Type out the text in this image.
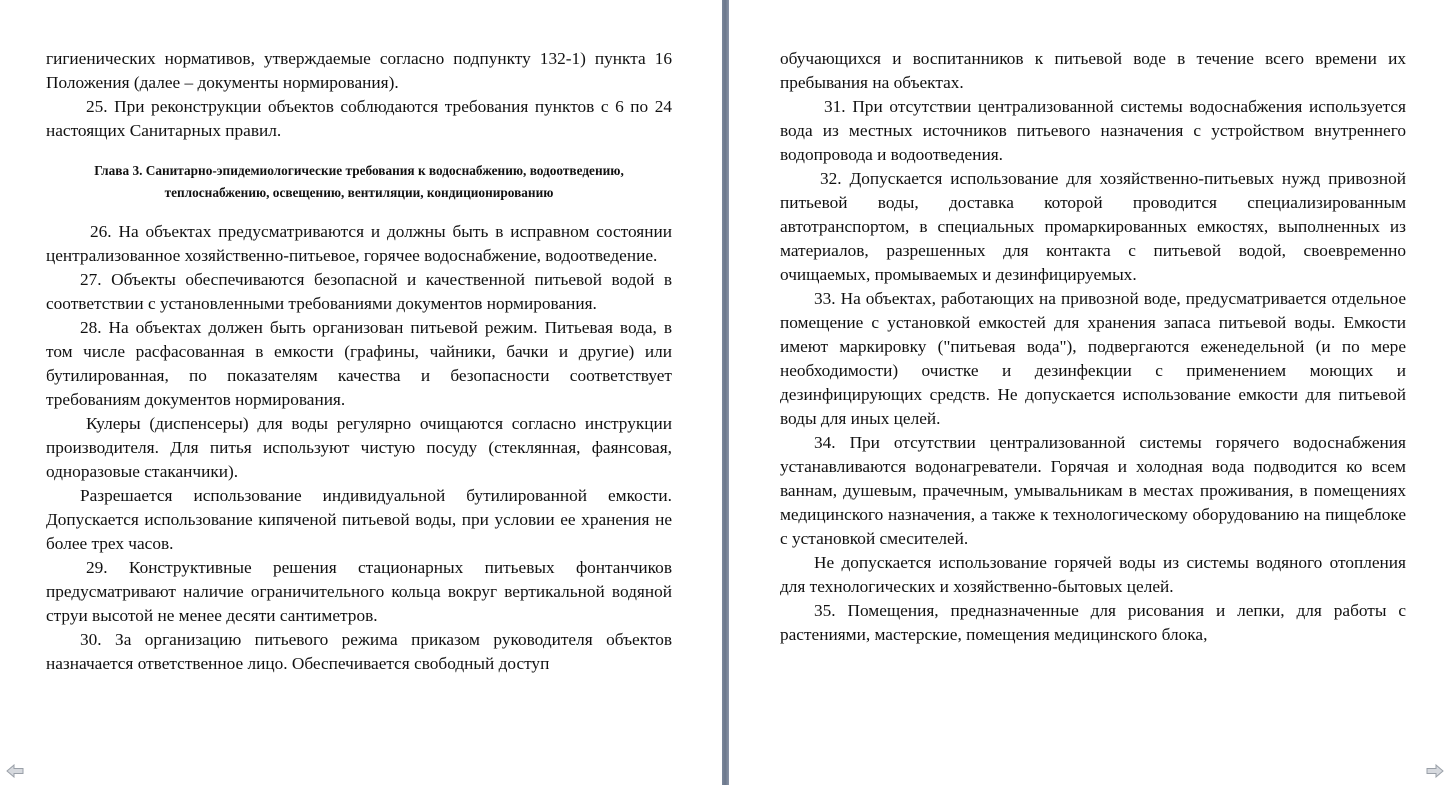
гигиенических нормативов, утверждаемые согласно подпункту 132-1) пункта 16 Положения (далее – документы нормирования).

25. При реконструкции объектов соблюдаются требования пунктов с 6 по 24 настоящих Санитарных правил.

Глава 3. Санитарно-эпидемиологические требования к водоснабжению, водоотведению, теплоснабжению, освещению, вентиляции, кондиционированию

26. На объектах предусматриваются и должны быть в исправном состоянии централизованное хозяйственно-питьевое, горячее водоснабжение, водоотведение.

27. Объекты обеспечиваются безопасной и качественной питьевой водой в соответствии с установленными требованиями документов нормирования.

28. На объектах должен быть организован питьевой режим. Питьевая вода, в том числе расфасованная в емкости (графины, чайники, бачки и другие) или бутилированная, по показателям качества и безопасности соответствует требованиям документов нормирования.

Кулеры (диспенсеры) для воды регулярно очищаются согласно инструкции производителя. Для питья используют чистую посуду (стеклянная, фаянсовая, одноразовые стаканчики).

Разрешается использование индивидуальной бутилированной емкости. Допускается использование кипяченой питьевой воды, при условии ее хранения не более трех часов.

29. Конструктивные решения стационарных питьевых фонтанчиков предусматривают наличие ограничительного кольца вокруг вертикальной водяной струи высотой не менее десяти сантиметров.

30. За организацию питьевого режима приказом руководителя объектов назначается ответственное лицо. Обеспечивается свободный доступ

обучающихся и воспитанников к питьевой воде в течение всего времени их пребывания на объектах.

31. При отсутствии централизованной системы водоснабжения используется вода из местных источников питьевого назначения с устройством внутреннего водопровода и водоотведения.

32. Допускается использование для хозяйственно-питьевых нужд привозной питьевой воды, доставка которой проводится специализированным автотранспортом, в специальных промаркированных емкостях, выполненных из материалов, разрешенных для контакта с питьевой водой, своевременно очищаемых, промываемых и дезинфицируемых.

33. На объектах, работающих на привозной воде, предусматривается отдельное помещение с установкой емкостей для хранения запаса питьевой воды. Емкости имеют маркировку ("питьевая вода"), подвергаются еженедельной (и по мере необходимости) очистке и дезинфекции с применением моющих и дезинфицирующих средств. Не допускается использование емкости для питьевой воды для иных целей.

34. При отсутствии централизованной системы горячего водоснабжения устанавливаются водонагреватели. Горячая и холодная вода подводится ко всем ваннам, душевым, прачечным, умывальникам в местах проживания, в помещениях медицинского назначения, а также к технологическому оборудованию на пищеблоке с установкой смесителей.

Не допускается использование горячей воды из системы водяного отопления для технологических и хозяйственно-бытовых целей.

35. Помещения, предназначенные для рисования и лепки, для работы с растениями, мастерские, помещения медицинского блока,
